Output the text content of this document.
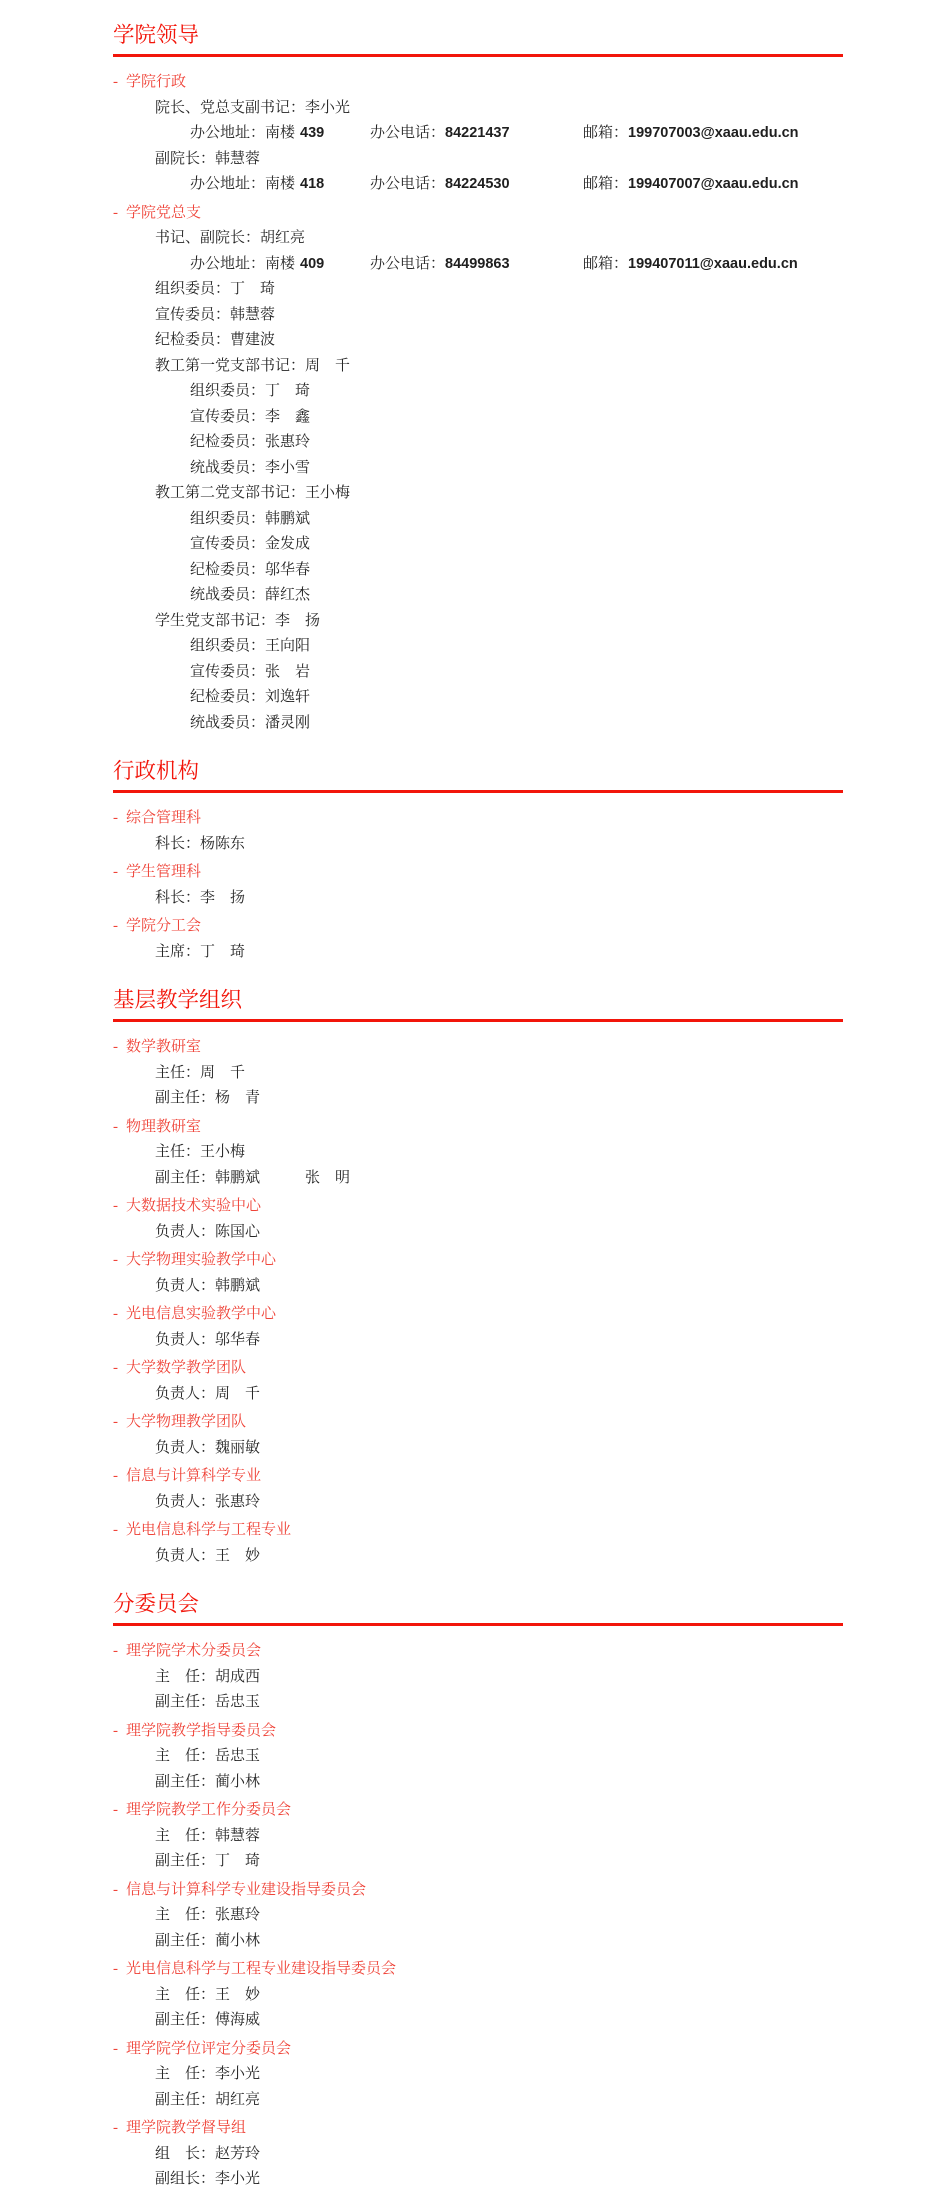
学院领导
- 学院行政
院长、党总支副书记：李小光
办公地址：南楼 439	办公电话：84221437	邮箱：199707003@xaau.edu.cn
副院长：韩慧蓉
办公地址：南楼 418	办公电话：84224530	邮箱：199407007@xaau.edu.cn
- 学院党总支
书记、副院长：胡红亮
办公地址：南楼 409	办公电话：84499863	邮箱：199407011@xaau.edu.cn
组织委员：丁　琦
宣传委员：韩慧蓉
纪检委员：曹建波
教工第一党支部书记：周　千
组织委员：丁　琦
宣传委员：李　鑫
纪检委员：张惠玲
统战委员：李小雪
教工第二党支部书记：王小梅
组织委员：韩鹏斌
宣传委员：金发成
纪检委员：邬华春
统战委员：薛红杰
学生党支部书记：李　扬
组织委员：王向阳
宣传委员：张　岩
纪检委员：刘逸轩
统战委员：潘灵刚
行政机构
- 综合管理科
科长：杨陈东
- 学生管理科
科长：李　扬
- 学院分工会
主席：丁　琦
基层教学组织
- 数学教研室
主任：周　千
副主任：杨　青
- 物理教研室
主任：王小梅
副主任：韩鹏斌　　　张　明
- 大数据技术实验中心
负责人：陈国心
- 大学物理实验教学中心
负责人：韩鹏斌
- 光电信息实验教学中心
负责人：邬华春
- 大学数学教学团队
负责人：周　千
- 大学物理教学团队
负责人：魏丽敏
- 信息与计算科学专业
负责人：张惠玲
- 光电信息科学与工程专业
负责人：王　妙
分委员会
- 理学院学术分委员会
主　任：胡成西
副主任：岳忠玉
- 理学院教学指导委员会
主　任：岳忠玉
副主任：蔺小林
- 理学院教学工作分委员会
主　任：韩慧蓉
副主任：丁　琦
- 信息与计算科学专业建设指导委员会
主　任：张惠玲
副主任：蔺小林
- 光电信息科学与工程专业建设指导委员会
主　任：王　妙
副主任：傅海威
- 理学院学位评定分委员会
主　任：李小光
副主任：胡红亮
- 理学院教学督导组
组　长：赵芳玲
副组长：李小光
